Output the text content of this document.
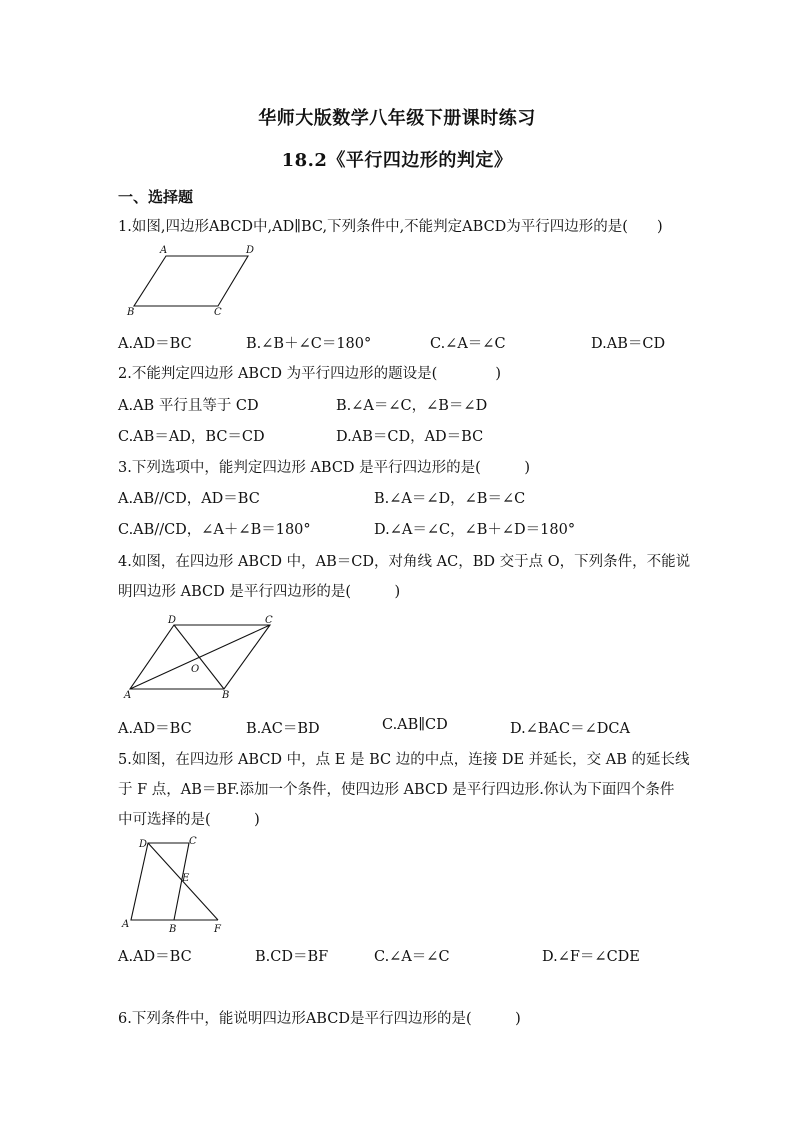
华师大版数学八年级下册课时练习
18.2《平行四边形的判定》
一、选择题
1.如图,四边形ABCD中,AD∥BC,下列条件中,不能判定ABCD为平行四边形的是(　　)
A	D
B	C
A.AD＝BC	B.∠B＋∠C＝180°	C.∠A＝∠C	D.AB＝CD
2.不能判定四边形 ABCD 为平行四边形的题设是(　　　　)
A.AB 平行且等于 CD	B.∠A＝∠C，∠B＝∠D
C.AB＝AD，BC＝CD	D.AB＝CD，AD＝BC
3.下列选项中，能判定四边形 ABCD 是平行四边形的是(　　　)
A.AB//CD，AD＝BC	B.∠A＝∠D，∠B＝∠C
C.AB//CD，∠A＋∠B＝180°	D.∠A＝∠C，∠B＋∠D＝180°
4.如图，在四边形 ABCD 中，AB＝CD，对角线 AC，BD 交于点 O，下列条件，不能说
明四边形 ABCD 是平行四边形的是(　　　)
D	C
O
A	B
A.AD＝BC	B.AC＝BD	C.AB∥CD	D.∠BAC＝∠DCA
5.如图，在四边形 ABCD 中，点 E 是 BC 边的中点，连接 DE 并延长，交 AB 的延长线
于 F 点，AB＝BF.添加一个条件，使四边形 ABCD 是平行四边形.你认为下面四个条件
中可选择的是(　　　)
D	C
E
A	B	F
A.AD＝BC	B.CD＝BF	C.∠A＝∠C	D.∠F＝∠CDE
6.下列条件中，能说明四边形ABCD是平行四边形的是(　　　)
